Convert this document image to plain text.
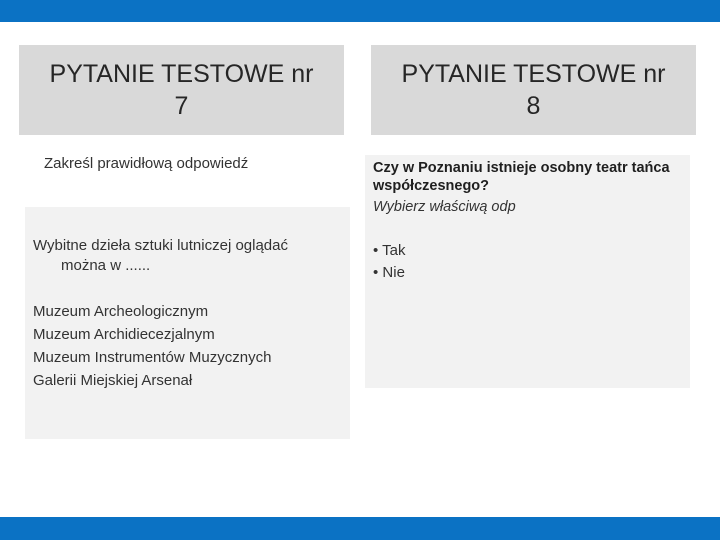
PYTANIE TESTOWE nr
7
PYTANIE TESTOWE nr
8
Zakreśl prawidłową odpowiedź
Wybitne dzieła sztuki lutniczej oglądać
można w ......
Muzeum Archeologicznym
Muzeum Archidiecezjalnym
Muzeum Instrumentów Muzycznych
Galerii Miejskiej Arsenał
Czy w Poznaniu istnieje osobny teatr tańca współczesnego?
Wybierz właściwą odp
• Tak
• Nie
